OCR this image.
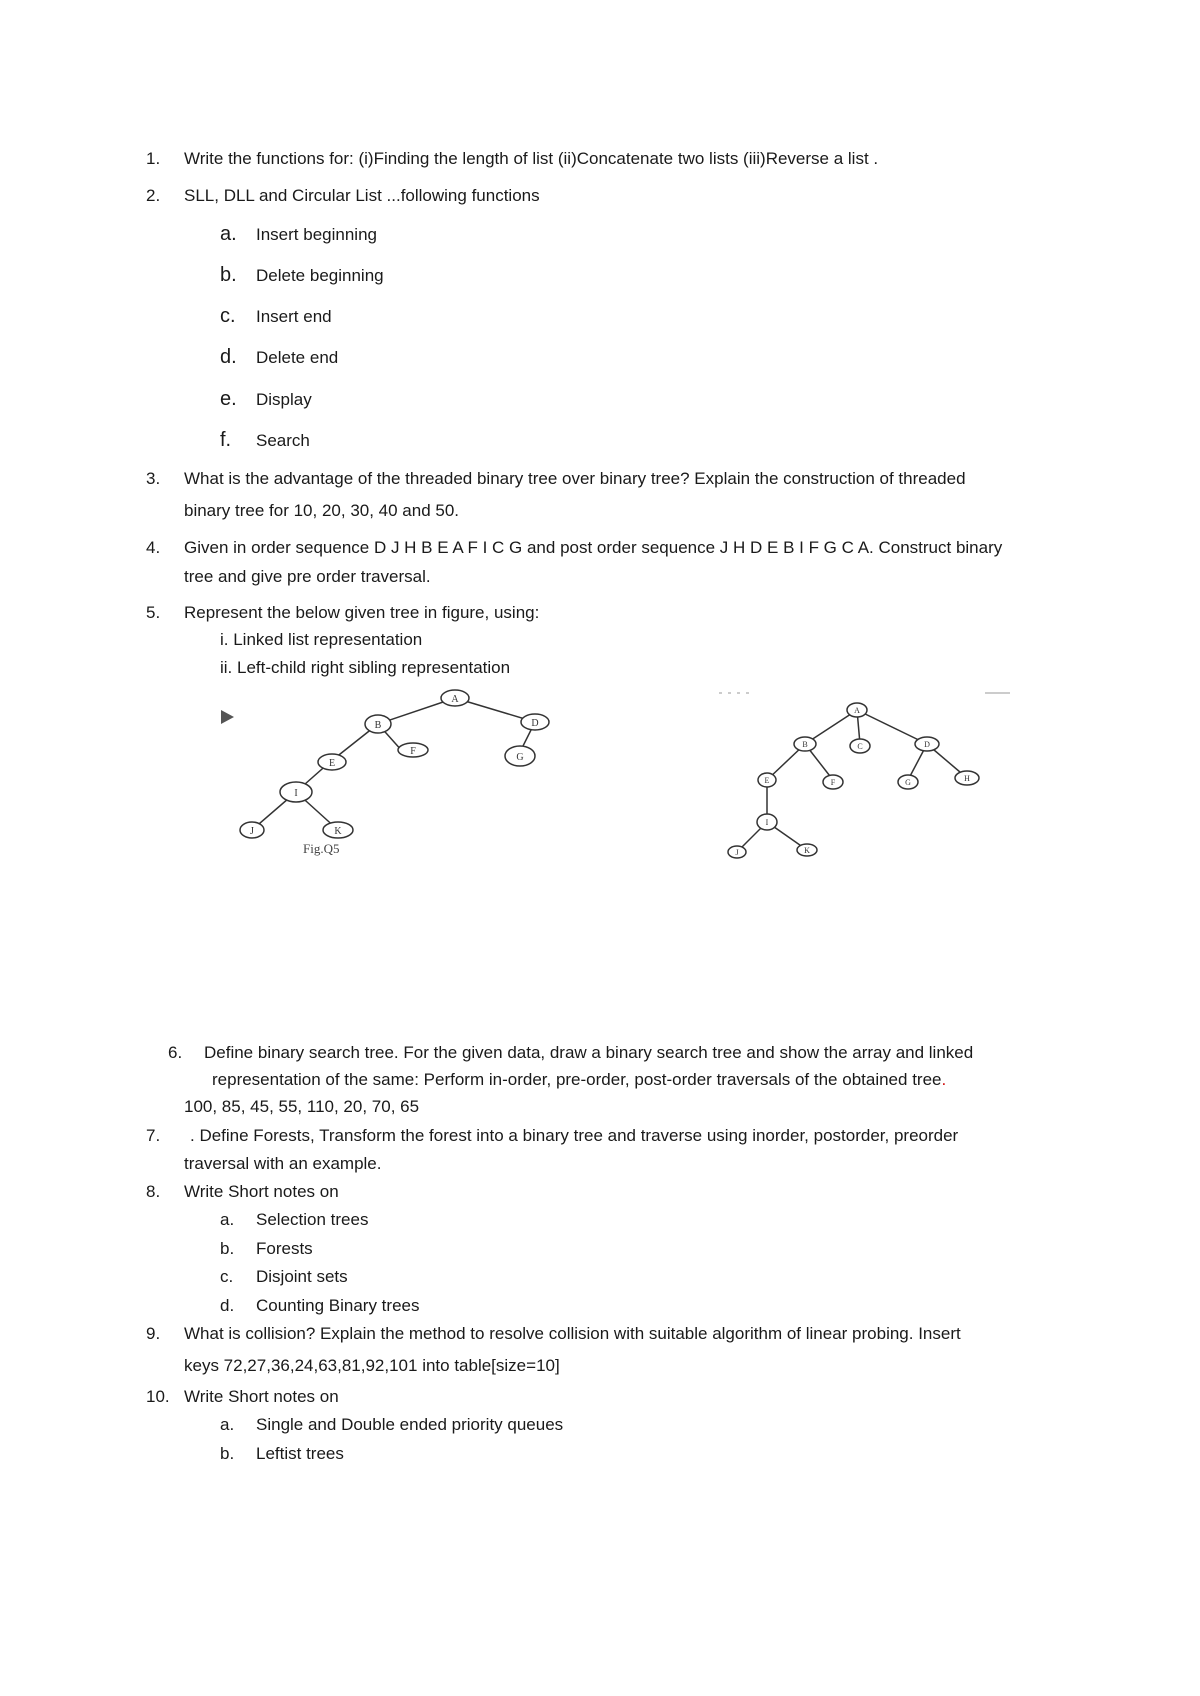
1. Write the functions for: (i)Finding the length of list (ii)Concatenate two lists (iii)Reverse a list .
2. SLL, DLL and Circular List ...following functions
a. Insert beginning
b. Delete beginning
c. Insert end
d. Delete end
e. Display
f. Search
3. What is the advantage of the threaded binary tree over binary tree? Explain the construction of threaded
binary tree for 10, 20, 30, 40 and 50.
4. Given in order sequence D J H B E A F I C G and post order sequence J H D E B I F G C A. Construct binary
tree and give pre order traversal.
5. Represent the below given tree in figure, using:
i. Linked list representation
ii. Left-child right sibling representation
A
B	D
F
G
E
I
J	K
Fig.Q5
A
B	C	D
E	F	G	H
I
J	K
6. Define binary search tree. For the given data, draw a binary search tree and show the array and linked
representation of the same: Perform in-order, pre-order, post-order traversals of the obtained tree.
100, 85, 45, 55, 110, 20, 70, 65
7. . Define Forests, Transform the forest into a binary tree and traverse using inorder, postorder, preorder
traversal with an example.
8. Write Short notes on
a. Selection trees
b. Forests
c. Disjoint sets
d. Counting Binary trees
9. What is collision? Explain the method to resolve collision with suitable algorithm of linear probing. Insert
keys 72,27,36,24,63,81,92,101 into table[size=10]
10. Write Short notes on
a. Single and Double ended priority queues
b. Leftist trees
